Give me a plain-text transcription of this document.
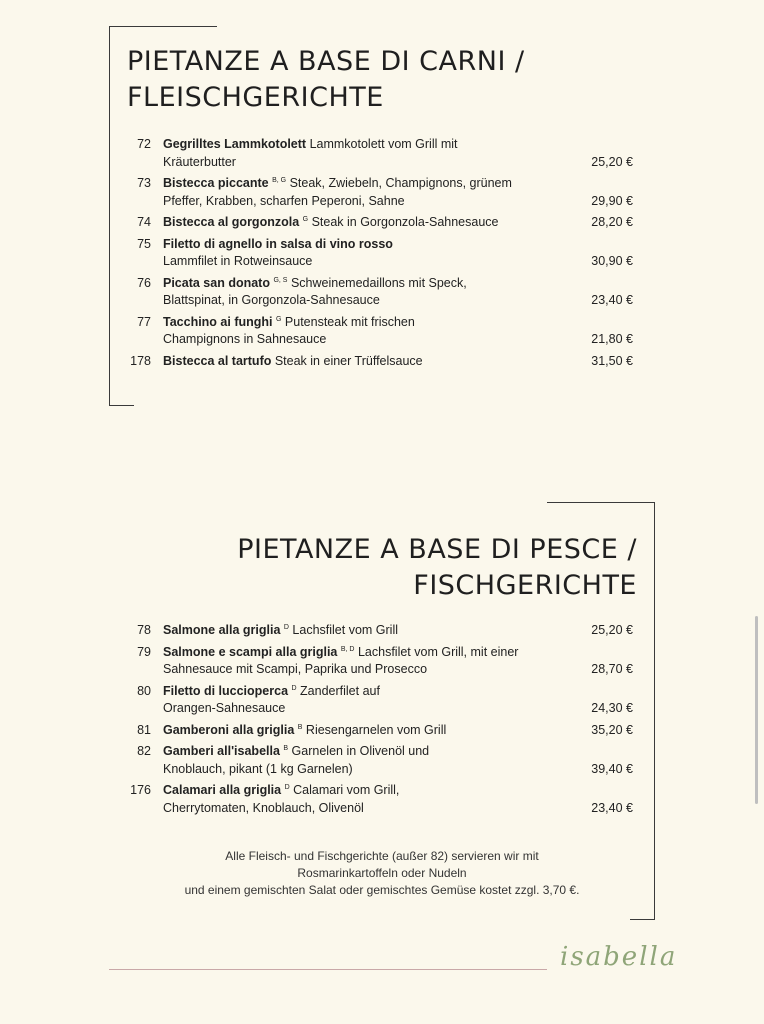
PIETANZE A BASE DI CARNI /
FLEISCHGERICHTE
72 Gegrilltes Lammkotolett Lammkotolett vom Grill mit Kräuterbutter	25,20 €
73 Bistecca piccante $^{B, G}$ Steak, Zwiebeln, Champignons, grünem Pfeffer, Krabben, scharfen Peperoni, Sahne	29,90 €
74 Bistecca al gorgonzola $^G$ Steak in Gorgonzola-Sahnesauce	28,20 €
75 Filetto di agnello in salsa di vino rosso Lammfilet in Rotweinsauce	30,90 €
76 Picata san donato $^{G, S}$ Schweinemedaillons mit Speck, Blattspinat, in Gorgonzola-Sahnesauce	23,40 €
77 Tacchino ai funghi $^G$ Putensteak mit frischen Champignons in Sahnesauce	21,80 €
178 Bistecca al tartufo Steak in einer Trüffelsauce	31,50 €
PIETANZE A BASE DI PESCE /
FISCHGERICHTE
78 Salmone alla griglia $^D$ Lachsfilet vom Grill	25,20 €
79 Salmone e scampi alla griglia $^{B, D}$ Lachsfilet vom Grill, mit einer Sahnesauce mit Scampi, Paprika und Prosecco	28,70 €
80 Filetto di luccioperca $^D$ Zanderfilet auf Orangen-Sahnesauce	24,30 €
81 Gamberoni alla griglia $^B$ Riesengarnelen vom Grill	35,20 €
82 Gamberi all'isabella $^B$ Garnelen in Olivenöl und Knoblauch, pikant (1 kg Garnelen)	39,40 €
176 Calamari alla griglia $^D$ Calamari vom Grill, Cherrytomaten, Knoblauch, Olivenöl	23,40 €
Alle Fleisch- und Fischgerichte (außer 82) servieren wir mit
Rosmarinkartoffeln oder Nudeln
und einem gemischten Salat oder gemischtes Gemüse kostet zzgl. 3,70 €.
isabella
